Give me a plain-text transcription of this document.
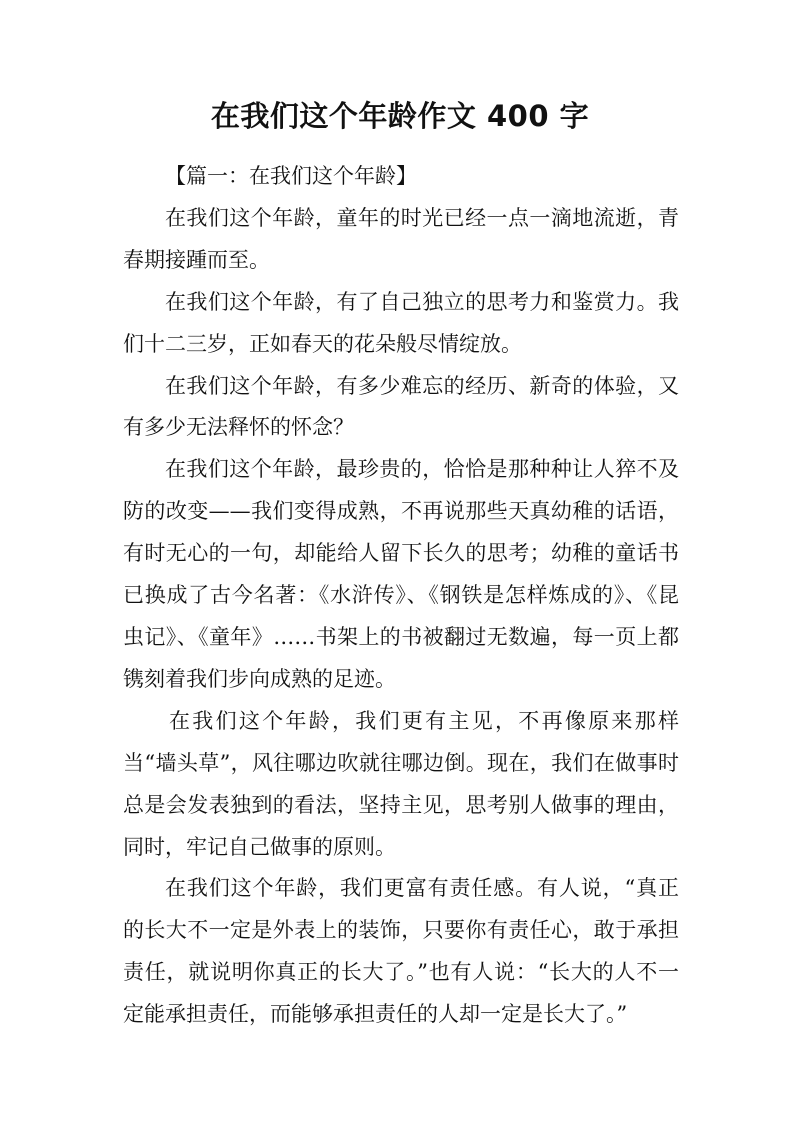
在我们这个年龄作文 400 字

【篇一：在我们这个年龄】

在我们这个年龄，童年的时光已经一点一滴地流逝，青春期接踵而至。

在我们这个年龄，有了自己独立的思考力和鉴赏力。我们十二三岁，正如春天的花朵般尽情绽放。

在我们这个年龄，有多少难忘的经历、新奇的体验，又有多少无法释怀的怀念？

在我们这个年龄，最珍贵的，恰恰是那种种让人猝不及防的改变——我们变得成熟，不再说那些天真幼稚的话语，有时无心的一句，却能给人留下长久的思考；幼稚的童话书已换成了古今名著：《水浒传》、《钢铁是怎样炼成的》、《昆虫记》、《童年》……书架上的书被翻过无数遍，每一页上都镌刻着我们步向成熟的足迹。

在我们这个年龄，我们更有主见，不再像原来那样当“墙头草”，风往哪边吹就往哪边倒。现在，我们在做事时总是会发表独到的看法，坚持主见，思考别人做事的理由，同时，牢记自己做事的原则。

在我们这个年龄，我们更富有责任感。有人说，“真正的长大不一定是外表上的装饰，只要你有责任心，敢于承担责任，就说明你真正的长大了。”也有人说：“长大的人不一定能承担责任，而能够承担责任的人却一定是长大了。”
